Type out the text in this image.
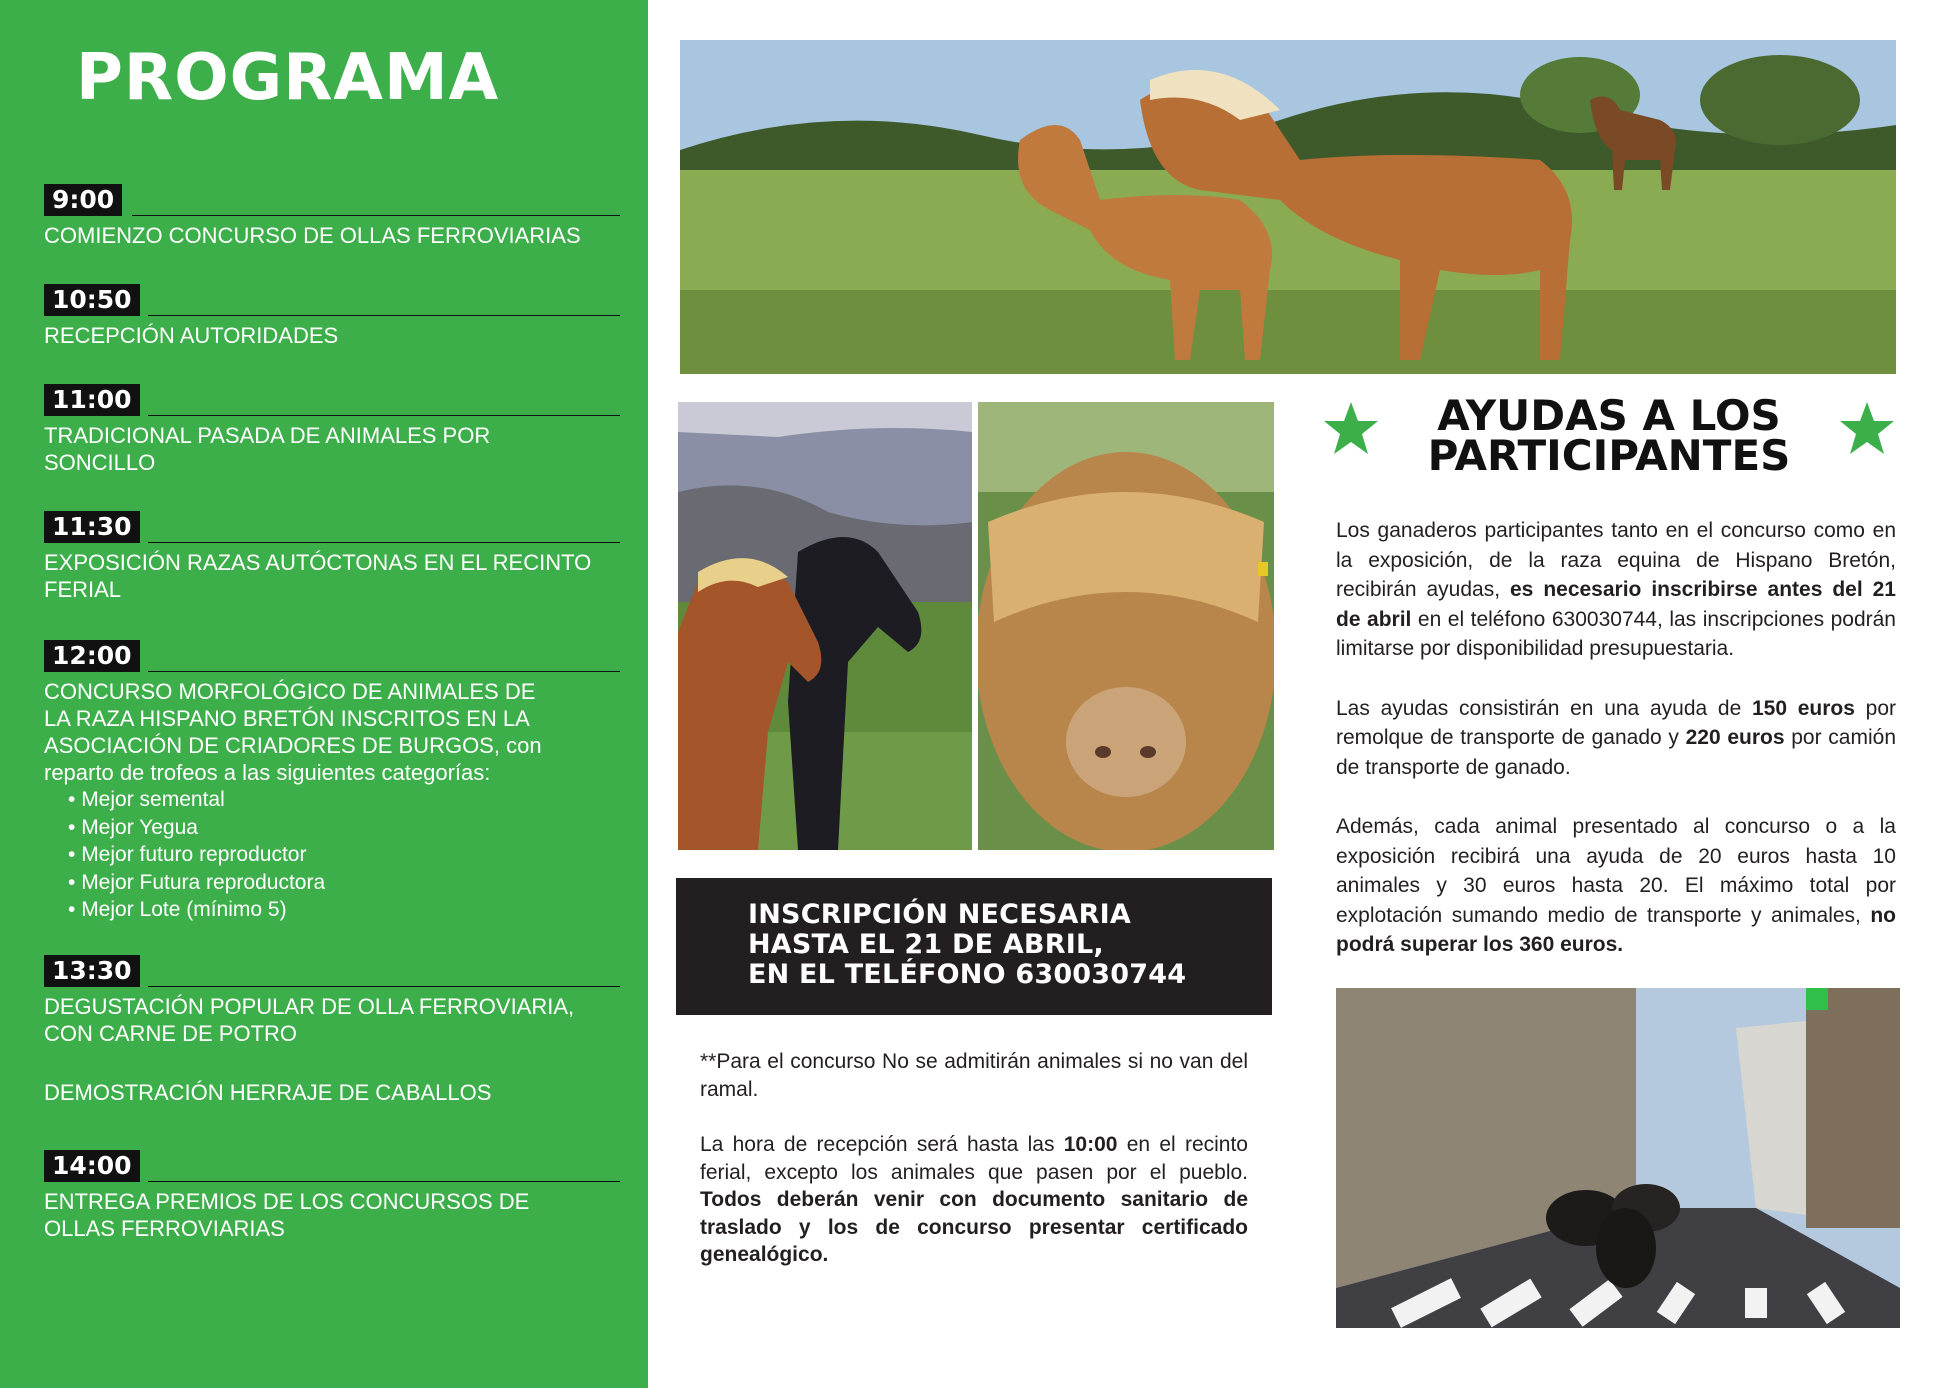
PROGRAMA
9:00

COMIENZO CONCURSO DE OLLAS FERROVIARIAS

10:50

RECEPCIÓN AUTORIDADES

11:00

TRADICIONAL PASADA DE ANIMALES POR
SONCILLO

11:30

EXPOSICIÓN RAZAS AUTÓCTONAS EN EL RECINTO
FERIAL

12:00

CONCURSO MORFOLÓGICO DE ANIMALES DE
LA RAZA HISPANO BRETÓN INSCRITOS EN LA
ASOCIACIÓN DE CRIADORES DE BURGOS, con
reparto de trofeos a las siguientes categorías:

• Mejor semental
• Mejor Yegua
• Mejor futuro reproductor
• Mejor Futura reproductora
• Mejor Lote (mínimo 5)
13:30

DEGUSTACIÓN POPULAR DE OLLA FERROVIARIA,
CON CARNE DE POTRO

DEMOSTRACIÓN HERRAJE DE CABALLOS

14:00

ENTREGA PREMIOS DE LOS CONCURSOS DE
OLLAS FERROVIARIAS

INSCRIPCIÓN NECESARIA
HASTA EL 21 DE ABRIL,
EN EL TELÉFONO 630030744

**Para el concurso No se admitirán animales si no van del ramal.

La hora de recepción será hasta las 10:00 en el recinto ferial, excepto los animales que pasen por el pueblo. Todos deberán venir con documento sanitario de traslado y los de concurso presentar certificado genealógico.

AYUDAS A LOS
PARTICIPANTES

Los ganaderos participantes tanto en el concurso como en la exposición, de la raza equina de Hispano Bretón, recibirán ayudas, es necesario inscribirse antes del 21 de abril en el teléfono 630030744, las inscripciones podrán limitarse por disponibilidad presupuestaria.

Las ayudas consistirán en una ayuda de 150 euros por remolque de transporte de ganado y 220 euros por camión de transporte de ganado.

Además, cada animal presentado al concurso o a la exposición recibirá una ayuda de 20 euros hasta 10 animales y 30 euros hasta 20. El máximo total por explotación sumando medio de transporte y animales, no podrá superar los 360 euros.
